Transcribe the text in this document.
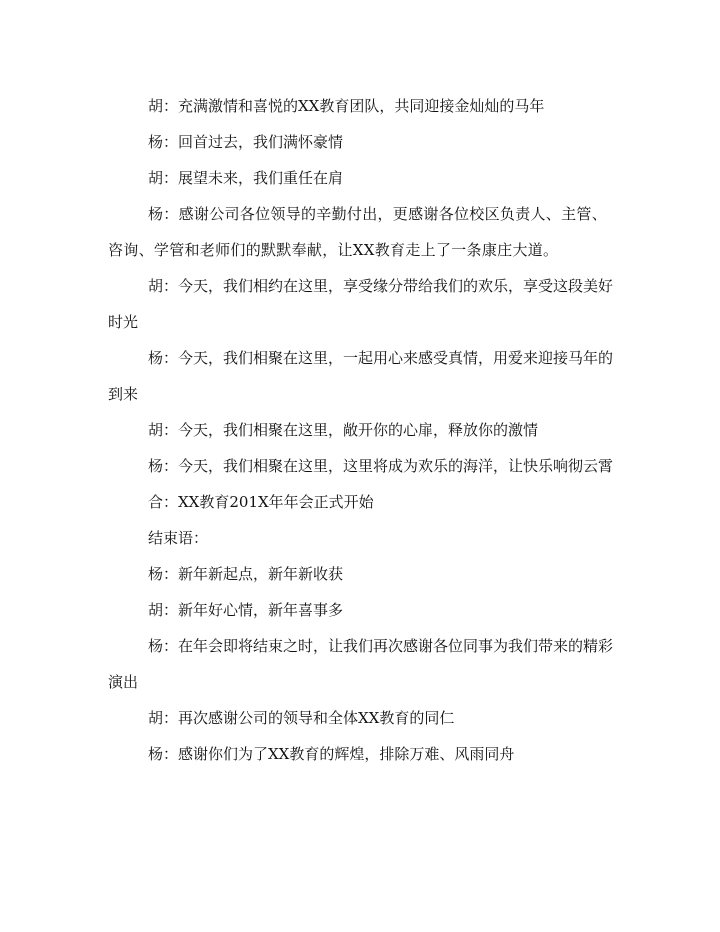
胡：充满激情和喜悦的XX教育团队，共同迎接金灿灿的马年

杨：回首过去，我们满怀豪情

胡：展望未来，我们重任在肩

杨：感谢公司各位领导的辛勤付出，更感谢各位校区负责人、主管、咨询、学管和老师们的默默奉献，让XX教育走上了一条康庄大道。

胡：今天，我们相约在这里，享受缘分带给我们的欢乐，享受这段美好时光

杨：今天，我们相聚在这里，一起用心来感受真情，用爱来迎接马年的到来

胡：今天，我们相聚在这里，敞开你的心扉，释放你的激情

杨：今天，我们相聚在这里，这里将成为欢乐的海洋，让快乐响彻云霄

合：XX教育201X年年会正式开始

结束语：

杨：新年新起点，新年新收获

胡：新年好心情，新年喜事多

杨：在年会即将结束之时，让我们再次感谢各位同事为我们带来的精彩演出

胡：再次感谢公司的领导和全体XX教育的同仁

杨：感谢你们为了XX教育的辉煌，排除万难、风雨同舟
